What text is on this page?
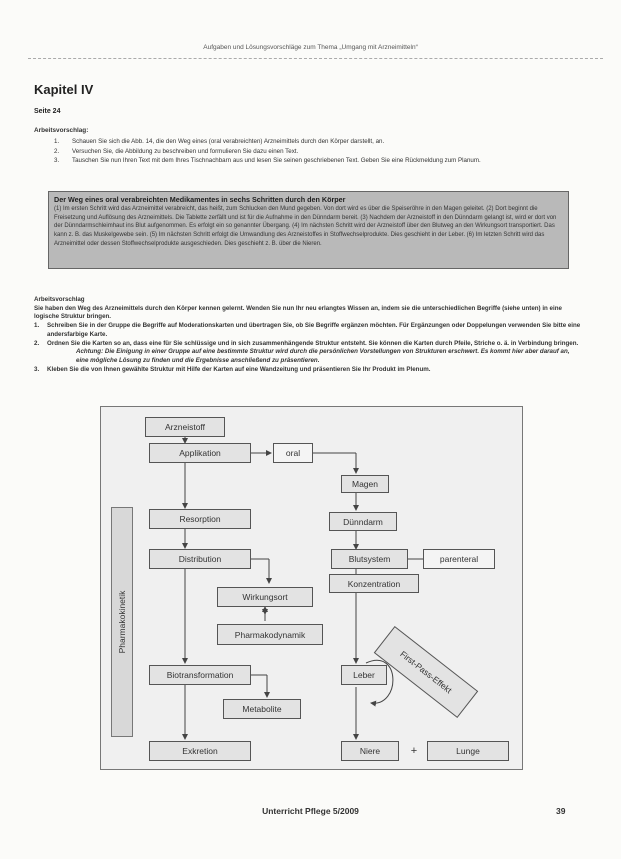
Aufgaben und Lösungsvorschläge zum Thema „Umgang mit Arzneimitteln“
Kapitel IV
Seite 24
Arbeitsvorschlag:
1.	Schauen Sie sich die Abb. 14, die den Weg eines (oral verabreichten) Arzneimittels durch den Körper darstellt, an.
2.	Versuchen Sie, die Abbildung zu beschreiben und formulieren Sie dazu einen Text.
3.	Tauschen Sie nun Ihren Text mit dem Ihres Tischnachbarn aus und lesen Sie seinen geschriebenen Text. Geben Sie eine Rückmeldung zum Planum.
Der Weg eines oral verabreichten Medikamentes in sechs Schritten durch den Körper

(1) Im ersten Schritt wird das Arzneimittel verabreicht, das heißt, zum Schlucken den Mund gegeben. Von dort wird es über die Speiseröhre in den Magen geleitet. (2) Dort beginnt die Freisetzung und Auflösung des Arzneimittels. Die Tablette zerfällt und ist für die Aufnahme in den Dünndarm bereit. (3) Nachdem der Arzneistoff in den Dünndarm gelangt ist, wird er dort von der Dünndarmschleimhaut ins Blut aufgenommen. Es erfolgt ein so genannter Übergang. (4) Im nächsten Schritt wird der Arzneistoff über den Blutweg an den Wirkungsort transportiert. Das kann z. B. das Muskelgewebe sein. (5) Im nächsten Schritt erfolgt die Umwandlung des Arzneistoffes in Stoffwechselprodukte. Dies geschieht in der Leber. (6) Im letzten Schritt wird das Arzneimittel oder dessen Stoffwechselprodukte ausgeschieden. Dies geschieht z. B. über die Nieren.

Arbeitsvorschlag
Sie haben den Weg des Arzneimittels durch den Körper kennen gelernt. Wenden Sie nun Ihr neu erlangtes Wissen an, indem sie die unterschiedlichen Begriffe (siehe unten) in eine logische Struktur bringen.
1.	Schreiben Sie in der Gruppe die Begriffe auf Moderationskarten und übertragen Sie, ob Sie Begriffe ergänzen möchten. Für Ergänzungen oder Doppelungen verwenden Sie bitte eine andersfarbige Karte.
2.	Ordnen Sie die Karten so an, dass eine für Sie schlüssige und in sich zusammenhängende Struktur entsteht. Sie können die Karten durch Pfeile, Striche o. ä. in Verbindung bringen.
Achtung: Die Einigung in einer Gruppe auf eine bestimmte Struktur wird durch die persönlichen Vorstellungen von Strukturen erschwert. Es kommt hier aber darauf an, eine mögliche Lösung zu finden und die Ergebnisse anschließend zu präsentieren.
3.	Kleben Sie die von Ihnen gewählte Struktur mit Hilfe der Karten auf eine Wandzeitung und präsentieren Sie Ihr Produkt im Plenum.
Arzneistoff
Applikation	oral
Magen
Resorption	Dünndarm
Distribution	Blutsystem	parenteral
Konzentration
Wirkungsort
Pharmakodynamik
Biotransformation	Leber
Metabolite
Exkretion	Niere	+	Lunge
First-Pass-Effekt
Pharmakokinetik
Unterricht Pflege 5/2009	39
